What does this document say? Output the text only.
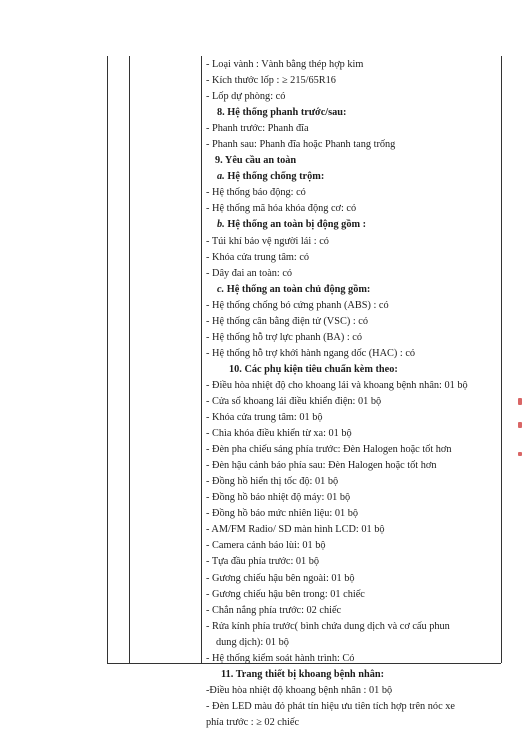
- Loại vành : Vành bằng thép hợp kim
- Kích thước lốp : ≥ 215/65R16
- Lốp dự phòng: có
8. Hệ thống phanh trước/sau:
- Phanh trước: Phanh đĩa
- Phanh sau: Phanh đĩa hoặc Phanh tang trống
9. Yêu cầu an toàn
a. Hệ thống chống trộm:
- Hệ thống báo động: có
- Hệ thống mã hóa khóa động cơ: có
b. Hệ thống an toàn bị động gồm :
- Túi khí bảo vệ người lái : có
- Khóa cửa trung tâm: có
- Dây đai an toàn: có
c. Hệ thống an toàn chủ động gồm:
- Hệ thống chống bó cứng phanh (ABS) : có
- Hệ thống cân bằng điện tử (VSC) : có
- Hệ thống hỗ trợ lực phanh (BA) : có
- Hệ thống hỗ trợ khởi hành ngang dốc (HAC) : có
10. Các phụ kiện tiêu chuẩn kèm theo:
- Điều hòa nhiệt độ cho khoang lái và khoang bệnh nhân: 01 bộ
- Cửa sổ khoang lái điều khiển điện: 01 bộ
- Khóa cửa trung tâm: 01 bộ
- Chìa khóa điều khiển từ xa: 01 bộ
- Đèn pha chiếu sáng phía trước: Đèn Halogen hoặc tốt hơn
- Đèn hậu cảnh báo phía sau: Đèn Halogen hoặc tốt hơn
- Đồng hồ hiển thị tốc độ: 01 bộ
- Đồng hồ báo nhiệt độ máy: 01 bộ
- Đồng hồ báo mức nhiên liệu: 01 bộ
- AM/FM Radio/ SD màn hình LCD: 01 bộ
- Camera cảnh báo lùi: 01 bộ
- Tựa đầu phía trước: 01 bộ
- Gương chiếu hậu bên ngoài: 01 bộ
- Gương chiếu hậu bên trong: 01 chiếc
- Chắn nắng phía trước: 02 chiếc
- Rửa kính phía trước( bình chứa dung dịch và cơ cấu phun
dung dịch): 01 bộ
- Hệ thống kiểm soát hành trình: Có
11. Trang thiết bị khoang bệnh nhân:
-Điều hòa nhiệt độ khoang bệnh nhân : 01 bộ
- Đèn LED màu đỏ phát tín hiệu ưu tiên tích hợp trên nóc xe
phía trước : ≥ 02 chiếc
